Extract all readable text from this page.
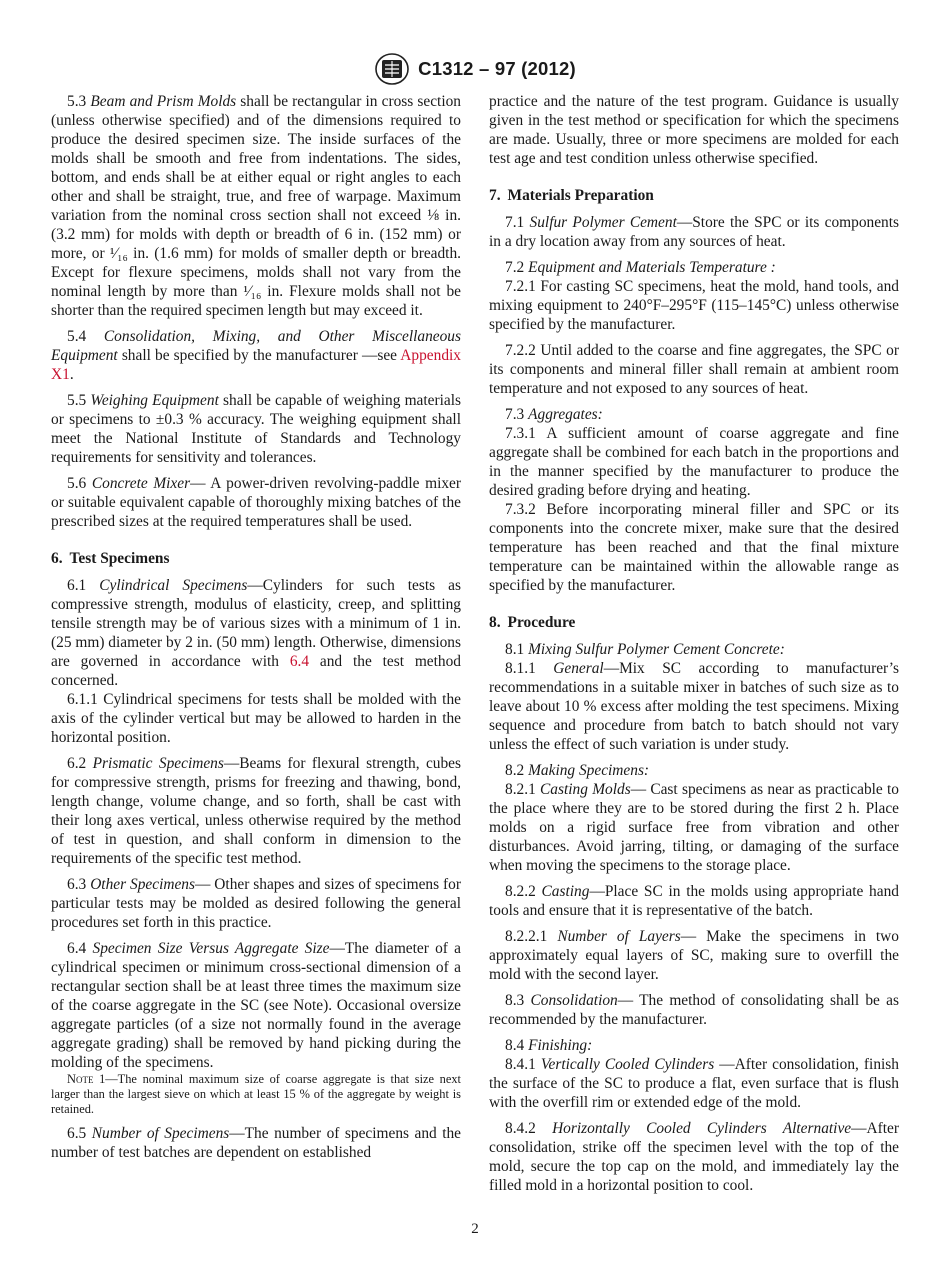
C1312 – 97 (2012)

5.3 Beam and Prism Molds shall be rectangular in cross section (unless otherwise specified) and of the dimensions required to produce the desired specimen size. The inside surfaces of the molds shall be smooth and free from indentations. The sides, bottom, and ends shall be at either equal or right angles to each other and shall be straight, true, and free of warpage. Maximum variation from the nominal cross section shall not exceed ⅛ in. (3.2 mm) for molds with depth or breadth of 6 in. (152 mm) or more, or ¹⁄₁₆ in. (1.6 mm) for molds of smaller depth or breadth. Except for flexure specimens, molds shall not vary from the nominal length by more than ¹⁄₁₆ in. Flexure molds shall not be shorter than the required specimen length but may exceed it.

5.4 Consolidation, Mixing, and Other Miscellaneous Equipment shall be specified by the manufacturer —see Appendix X1.

5.5 Weighing Equipment shall be capable of weighing materials or specimens to ±0.3 % accuracy. The weighing equipment shall meet the National Institute of Standards and Technology requirements for sensitivity and tolerances.

5.6 Concrete Mixer— A power-driven revolving-paddle mixer or suitable equivalent capable of thoroughly mixing batches of the prescribed sizes at the required temperatures shall be used.

6. Test Specimens

6.1 Cylindrical Specimens—Cylinders for such tests as compressive strength, modulus of elasticity, creep, and splitting tensile strength may be of various sizes with a minimum of 1 in. (25 mm) diameter by 2 in. (50 mm) length. Otherwise, dimensions are governed in accordance with 6.4 and the test method concerned.

6.1.1 Cylindrical specimens for tests shall be molded with the axis of the cylinder vertical but may be allowed to harden in the horizontal position.

6.2 Prismatic Specimens—Beams for flexural strength, cubes for compressive strength, prisms for freezing and thawing, bond, length change, volume change, and so forth, shall be cast with their long axes vertical, unless otherwise required by the method of test in question, and shall conform in dimension to the requirements of the specific test method.

6.3 Other Specimens— Other shapes and sizes of specimens for particular tests may be molded as desired following the general procedures set forth in this practice.

6.4 Specimen Size Versus Aggregate Size—The diameter of a cylindrical specimen or minimum cross-sectional dimension of a rectangular section shall be at least three times the maximum size of the coarse aggregate in the SC (see Note). Occasional oversize aggregate particles (of a size not normally found in the average aggregate grading) shall be removed by hand picking during the molding of the specimens.

Note 1—The nominal maximum size of coarse aggregate is that size next larger than the largest sieve on which at least 15 % of the aggregate by weight is retained.

6.5 Number of Specimens—The number of specimens and the number of test batches are dependent on established

practice and the nature of the test program. Guidance is usually given in the test method or specification for which the specimens are made. Usually, three or more specimens are molded for each test age and test condition unless otherwise specified.

7. Materials Preparation

7.1 Sulfur Polymer Cement—Store the SPC or its components in a dry location away from any sources of heat.

7.2 Equipment and Materials Temperature :

7.2.1 For casting SC specimens, heat the mold, hand tools, and mixing equipment to 240°F–295°F (115–145°C) unless otherwise specified by the manufacturer.

7.2.2 Until added to the coarse and fine aggregates, the SPC or its components and mineral filler shall remain at ambient room temperature and not exposed to any sources of heat.

7.3 Aggregates:

7.3.1 A sufficient amount of coarse aggregate and fine aggregate shall be combined for each batch in the proportions and in the manner specified by the manufacturer to produce the desired grading before drying and heating.

7.3.2 Before incorporating mineral filler and SPC or its components into the concrete mixer, make sure that the desired temperature has been reached and that the final mixture temperature can be maintained within the allowable range as specified by the manufacturer.

8. Procedure

8.1 Mixing Sulfur Polymer Cement Concrete:

8.1.1 General—Mix SC according to manufacturer’s recommendations in a suitable mixer in batches of such size as to leave about 10 % excess after molding the test specimens. Mixing sequence and procedure from batch to batch should not vary unless the effect of such variation is under study.

8.2 Making Specimens:

8.2.1 Casting Molds— Cast specimens as near as practicable to the place where they are to be stored during the first 2 h. Place molds on a rigid surface free from vibration and other disturbances. Avoid jarring, tilting, or damaging of the surface when moving the specimens to the storage place.

8.2.2 Casting—Place SC in the molds using appropriate hand tools and ensure that it is representative of the batch.

8.2.2.1 Number of Layers— Make the specimens in two approximately equal layers of SC, making sure to overfill the mold with the second layer.

8.3 Consolidation— The method of consolidating shall be as recommended by the manufacturer.

8.4 Finishing:

8.4.1 Vertically Cooled Cylinders —After consolidation, finish the surface of the SC to produce a flat, even surface that is flush with the overfill rim or extended edge of the mold.

8.4.2 Horizontally Cooled Cylinders Alternative—After consolidation, strike off the specimen level with the top of the mold, secure the top cap on the mold, and immediately lay the filled mold in a horizontal position to cool.

2
